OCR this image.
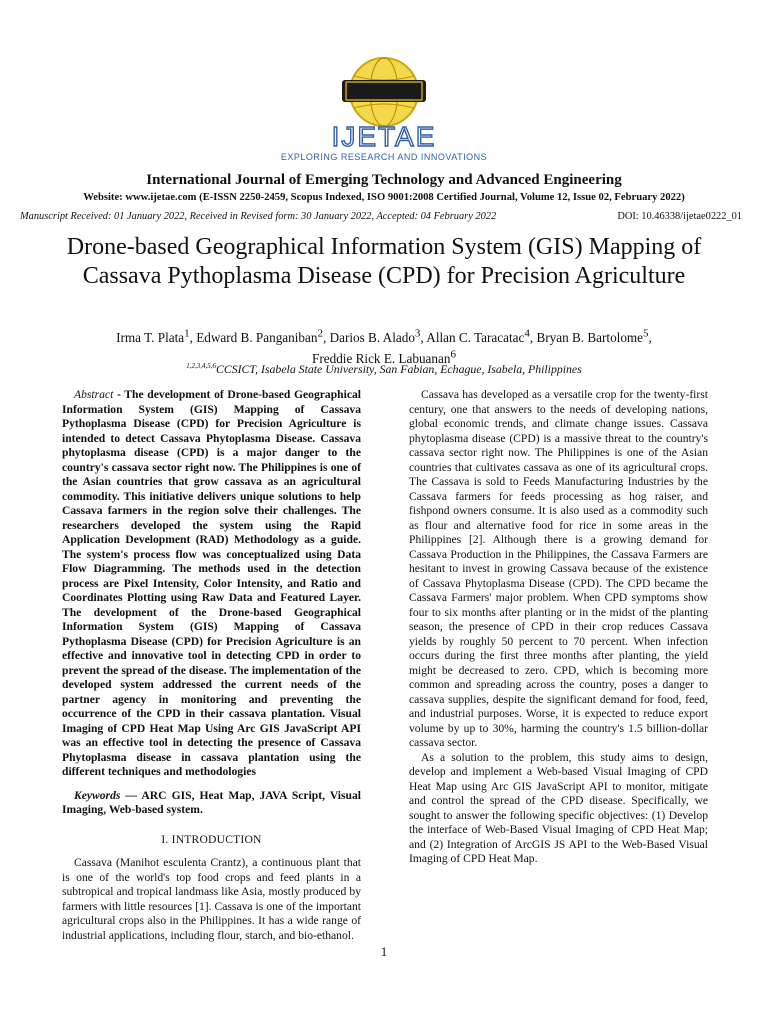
IJETAE
EXPLORING RESEARCH AND INNOVATIONS
International Journal of Emerging Technology and Advanced Engineering
Website: www.ijetae.com (E-ISSN 2250-2459, Scopus Indexed, ISO 9001:2008 Certified Journal, Volume 12, Issue 02, February 2022)
Manuscript Received: 01 January 2022, Received in Revised form: 30 January 2022, Accepted: 04 February 2022	DOI: 10.46338/ijetae0222_01
Drone-based Geographical Information System (GIS) Mapping of Cassava Pythoplasma Disease (CPD) for Precision Agriculture
Irma T. Plata$^1$, Edward B. Panganiban$^2$, Darios B. Alado$^3$, Allan C. Taracatac$^4$, Bryan B. Bartolome$^5$,
Freddie Rick E. Labuanan$^6$
$^{1,2,3,4,5,6}$CCSICT, Isabela State University, San Fabian, Echague, Isabela, Philippines

Abstract - The development of Drone-based Geographical Information System (GIS) Mapping of Cassava Pythoplasma Disease (CPD) for Precision Agriculture is intended to detect Cassava Phytoplasma Disease. Cassava phytoplasma disease (CPD) is a major danger to the country's cassava sector right now. The Philippines is one of the Asian countries that grow cassava as an agricultural commodity. This initiative delivers unique solutions to help Cassava farmers in the region solve their challenges. The researchers developed the system using the Rapid Application Development (RAD) Methodology as a guide. The system's process flow was conceptualized using Data Flow Diagramming. The methods used in the detection process are Pixel Intensity, Color Intensity, and Ratio and Coordinates Plotting using Raw Data and Featured Layer. The development of the Drone-based Geographical Information System (GIS) Mapping of Cassava Pythoplasma Disease (CPD) for Precision Agriculture is an effective and innovative tool in detecting CPD in order to prevent the spread of the disease. The implementation of the developed system addressed the current needs of the partner agency in monitoring and preventing the occurrence of the CPD in their cassava plantation. Visual Imaging of CPD Heat Map Using Arc GIS JavaScript API was an effective tool in detecting the presence of Cassava Phytoplasma disease in cassava plantation using the different techniques and methodologies

Keywords — ARC GIS, Heat Map, JAVA Script, Visual Imaging, Web-based system.

I. INTRODUCTION

Cassava (Manihot esculenta Crantz), a continuous plant that is one of the world's top food crops and feed plants in a subtropical and tropical landmass like Asia, mostly produced by farmers with little resources [1]. Cassava is one of the important agricultural crops also in the Philippines. It has a wide range of industrial applications, including flour, starch, and bio-ethanol.

Cassava has developed as a versatile crop for the twenty-first century, one that answers to the needs of developing nations, global economic trends, and climate change issues. Cassava phytoplasma disease (CPD) is a massive threat to the country's cassava sector right now. The Philippines is one of the Asian countries that cultivates cassava as one of its agricultural crops. The Cassava is sold to Feeds Manufacturing Industries by the Cassava farmers for feeds processing as hog raiser, and fishpond owners consume. It is also used as a commodity such as flour and alternative food for rice in some areas in the Philippines [2]. Although there is a growing demand for Cassava Production in the Philippines, the Cassava Farmers are hesitant to invest in growing Cassava because of the existence of Cassava Phytoplasma Disease (CPD). The CPD became the Cassava Farmers' major problem. When CPD symptoms show four to six months after planting or in the midst of the planting season, the presence of CPD in their crop reduces Cassava yields by roughly 50 percent to 70 percent. When infection occurs during the first three months after planting, the yield might be decreased to zero. CPD, which is becoming more common and spreading across the country, poses a danger to cassava supplies, despite the significant demand for food, feed, and industrial purposes. Worse, it is expected to reduce export volume by up to 30%, harming the country's 1.5 billion-dollar cassava sector.

As a solution to the problem, this study aims to design, develop and implement a Web-based Visual Imaging of CPD Heat Map using Arc GIS JavaScript API to monitor, mitigate and control the spread of the CPD disease. Specifically, we sought to answer the following specific objectives: (1) Develop the interface of Web-Based Visual Imaging of CPD Heat Map; and (2) Integration of ArcGIS JS API to the Web-Based Visual Imaging of CPD Heat Map.

1
